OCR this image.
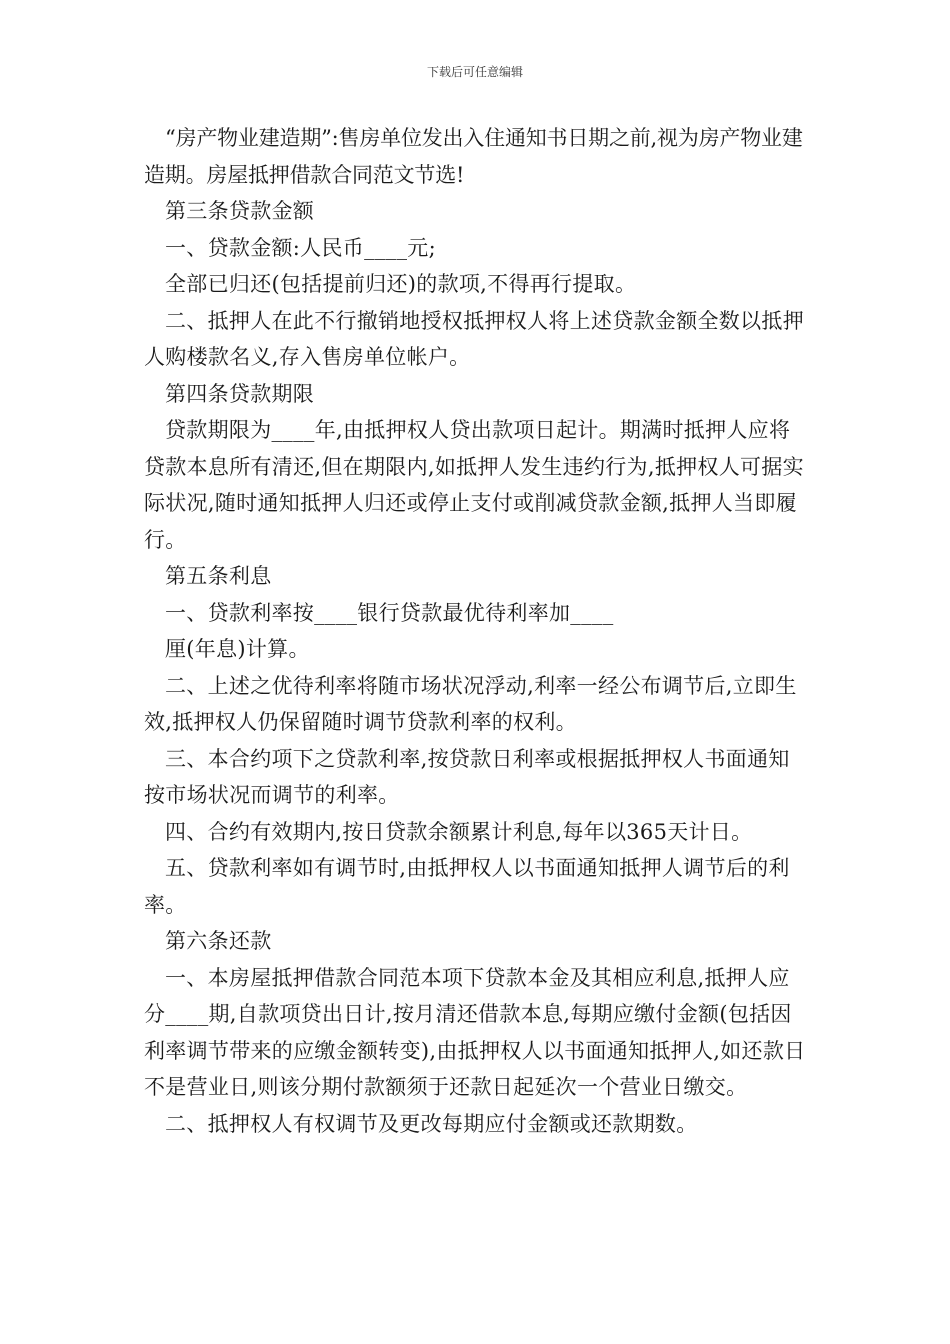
下载后可任意编辑

“房产物业建造期”:售房单位发出入住通知书日期之前,视为房产物业建造期。房屋抵押借款合同范文节选!

第三条贷款金额

一、贷款金额:人民币____元;

全部已归还(包括提前归还)的款项,不得再行提取。

二、抵押人在此不行撤销地授权抵押权人将上述贷款金额全数以抵押人购楼款名义,存入售房单位帐户。

第四条贷款期限

贷款期限为____年,由抵押权人贷出款项日起计。期满时抵押人应将贷款本息所有清还,但在期限内,如抵押人发生违约行为,抵押权人可据实际状况,随时通知抵押人归还或停止支付或削减贷款金额,抵押人当即履行。

第五条利息

一、贷款利率按____银行贷款最优待利率加____

厘(年息)计算。

二、上述之优待利率将随市场状况浮动,利率一经公布调节后,立即生效,抵押权人仍保留随时调节贷款利率的权利。

三、本合约项下之贷款利率,按贷款日利率或根据抵押权人书面通知按市场状况而调节的利率。

四、合约有效期内,按日贷款余额累计利息,每年以365天计日。

五、贷款利率如有调节时,由抵押权人以书面通知抵押人调节后的利率。

第六条还款

一、本房屋抵押借款合同范本项下贷款本金及其相应利息,抵押人应分____期,自款项贷出日计,按月清还借款本息,每期应缴付金额(包括因利率调节带来的应缴金额转变),由抵押权人以书面通知抵押人,如还款日不是营业日,则该分期付款额须于还款日起延次一个营业日缴交。

二、抵押权人有权调节及更改每期应付金额或还款期数。
